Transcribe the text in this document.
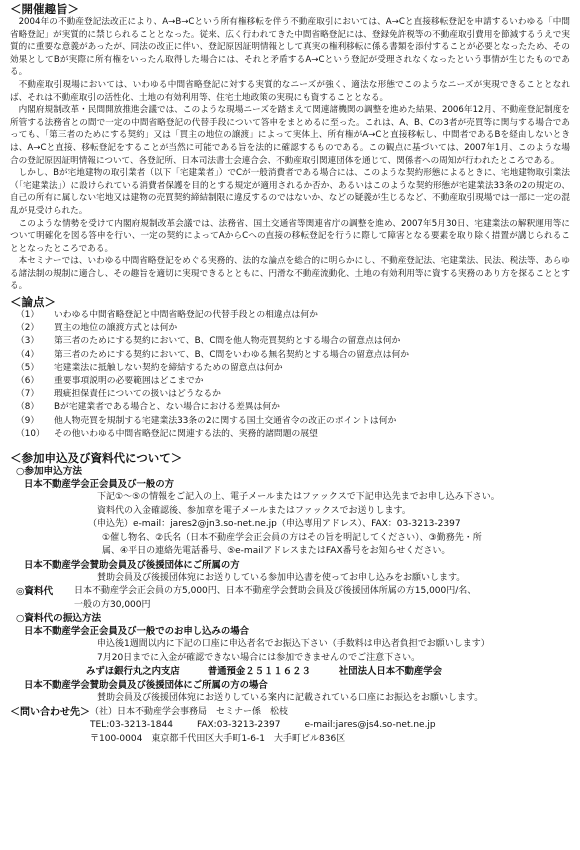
＜開催趣旨＞

2004年の不動産登記法改正により、A→B→Cという所有権移転を伴う不動産取引においては、A→Cと直接移転登記を申請するいわゆる「中間省略登記」が実質的に禁じられることとなった。従来、広く行われてきた中間省略登記には、登録免許税等の不動産取引費用を節減するうえで実質的に重要な意義があったが、同法の改正に伴い、登記原因証明情報として真実の権利移転に係る書類を添付することが必要となったため、その効果としてBが実際に所有権をいったん取得した場合には、それと矛盾するA→Cという登記が受理されなくなったという事情が生じたものである。

不動産取引現場においては、いわゆる中間省略登記に対する実質的なニーズが強く、適法な形態でこのようなニーズが実現できることとなれば、それは不動産取引の活性化、土地の有効利用等、住宅土地政策の実現にも資することとなる。

内閣府規制改革・民間開放推進会議では、このような現場ニーズを踏まえて関連諸機関の調整を進めた結果、2006年12月、不動産登記制度を所管する法務省との間で一定の中間省略登記の代替手段について答申をまとめるに至った。これは、A、B、Cの3者が売買等に関与する場合であっても、「第三者のためにする契約」又は「買主の地位の譲渡」によって実体上、所有権がA→Cと直接移転し、中間者であるBを経由しないときは、A→Cと直接、移転登記をすることが当然に可能である旨を法的に確認するものである。この観点に基づいては、2007年1月、このような場合の登記原因証明情報について、各登記所、日本司法書士会連合会、不動産取引関連団体を通じて、関係者への周知が行われたところである。

しかし、Bが宅地建物の取引業者（以下「宅建業者」）でCが一般消費者である場合には、このような契約形態によるときに、宅地建物取引業法（「宅建業法」）に設けられている消費者保護を目的とする規定が適用されるか否か、あるいはこのような契約形態が宅建業法33条の2の規定の、自己の所有に属しない宅地又は建物の売買契約締結制限に違反するのではないか、などの疑義が生じるなど、不動産取引現場では一部に一定の混乱が見受けられた。

このような情勢を受けて内閣府規制改革会議では、法務省、国土交通省等関連省庁の調整を進め、2007年5月30日、宅建業法の解釈運用等について明確化を図る答申を行い、一定の契約によってAからCへの直接の移転登記を行うに際して障害となる要素を取り除く措置が講じられることとなったところである。

本セミナーでは、いわゆる中間省略登記をめぐる実務的、法的な論点を総合的に明らかにし、不動産登記法、宅建業法、民法、税法等、あらゆる諸法制の規制に適合し、その趣旨を適切に実現できるとともに、円滑な不動産流動化、土地の有効利用等に資する実務のあり方を探ることとする。

＜論点＞
（1）	いわゆる中間省略登記と中間省略登記の代替手段との相違点は何か
（2）	買主の地位の譲渡方式とは何か
（3）	第三者のためにする契約において、B、C間を他人物売買契約とする場合の留意点は何か
（4）	第三者のためにする契約において、B、C間をいわゆる無名契約とする場合の留意点は何か
（5）	宅建業法に抵触しない契約を締結するための留意点は何か
（6）	重要事項説明の必要範囲はどこまでか
（7）	瑕疵担保責任についての扱いはどうなるか
（8）	Bが宅建業者である場合と、ない場合における差異は何か
（9）	他人物売買を規制する宅建業法33条の2に関する国土交通省令の改正のポイントは何か
（10）	その他いわゆる中間省略登記に関連する法的、実務的諸問題の展望
＜参加申込及び資料代について＞
○参加申込方法
日本不動産学会正会員及び一般の方
下記①～⑤の情報をご記入の上、電子メールまたはファックスで下記申込先までお申し込み下さい。
資料代の入金確認後、参加章を電子メールまたはファックスでお送りします。
（申込先）e-mail：jares2@jn3.so-net.ne.jp（申込専用アドレス）、FAX：03-3213-2397
①催し物名、②氏名（日本不動産学会正会員の方はその旨を明記してください）、③勤務先・所
属、④平日の連絡先電話番号、⑤e-mailアドレスまたはFAX番号をお知らせください。
日本不動産学会賛助会員及び後援団体にご所属の方
賛助会員及び後援団体宛にお送りしている参加申込書を使ってお申し込みをお願いします。
◎資料代	日本不動産学会正会員の方5,000円、日本不動産学会賛助会員及び後援団体所属の方15,000円/名、
一般の方30,000円
○資料代の振込方法
日本不動産学会正会員及び一般でのお申し込みの場合
申込後1週間以内に下記の口座に申込者名でお振込下さい（手数料は申込者負担でお願いします）
7月20日までに入金が確認できない場合には参加できませんのでご注意下さい。
みずほ銀行丸之内支店	普通預金２５１１６２３	社団法人日本不動産学会
日本不動産学会賛助会員及び後援団体にご所属の方の場合
賛助会員及び後援団体宛にお送りしている案内に記載されている口座にお振込をお願いします。
＜問い合わせ先＞ （社）日本不動産学会事務局　セミナー係　松枝
TEL:03-3213-1844	FAX:03-3213-2397	e-mail:jares@js4.so-net.ne.jp
〒100-0004　東京都千代田区大手町1-6-1　大手町ビル836区
